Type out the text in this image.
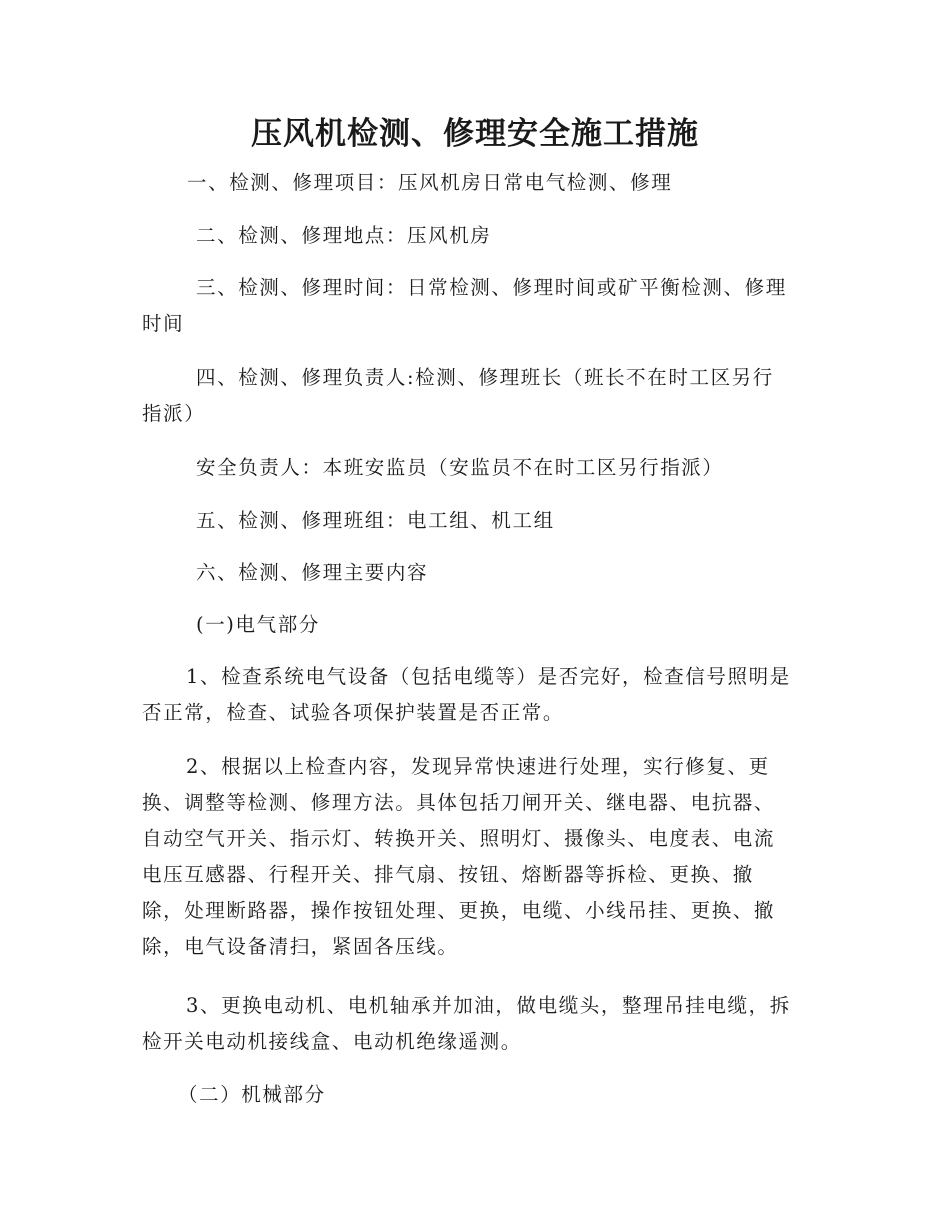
压风机检测、修理安全施工措施

一、检测、修理项目：压风机房日常电气检测、修理

二、检测、修理地点：压风机房

三、检测、修理时间：日常检测、修理时间或矿平衡检测、修理
时间

四、检测、修理负责人:检测、修理班长（班长不在时工区另行
指派）

安全负责人：本班安监员（安监员不在时工区另行指派）

五、检测、修理班组：电工组、机工组

六、检测、修理主要内容

(一)电气部分

1、检查系统电气设备（包括电缆等）是否完好，检查信号照明是
否正常，检查、试验各项保护装置是否正常。

2、根据以上检查内容，发现异常快速进行处理，实行修复、更
换、调整等检测、修理方法。具体包括刀闸开关、继电器、电抗器、
自动空气开关、指示灯、转换开关、照明灯、摄像头、电度表、电流
电压互感器、行程开关、排气扇、按钮、熔断器等拆检、更换、撤
除，处理断路器，操作按钮处理、更换，电缆、小线吊挂、更换、撤
除，电气设备清扫，紧固各压线。

3、更换电动机、电机轴承并加油，做电缆头，整理吊挂电缆，拆
检开关电动机接线盒、电动机绝缘遥测。

（二）机械部分
